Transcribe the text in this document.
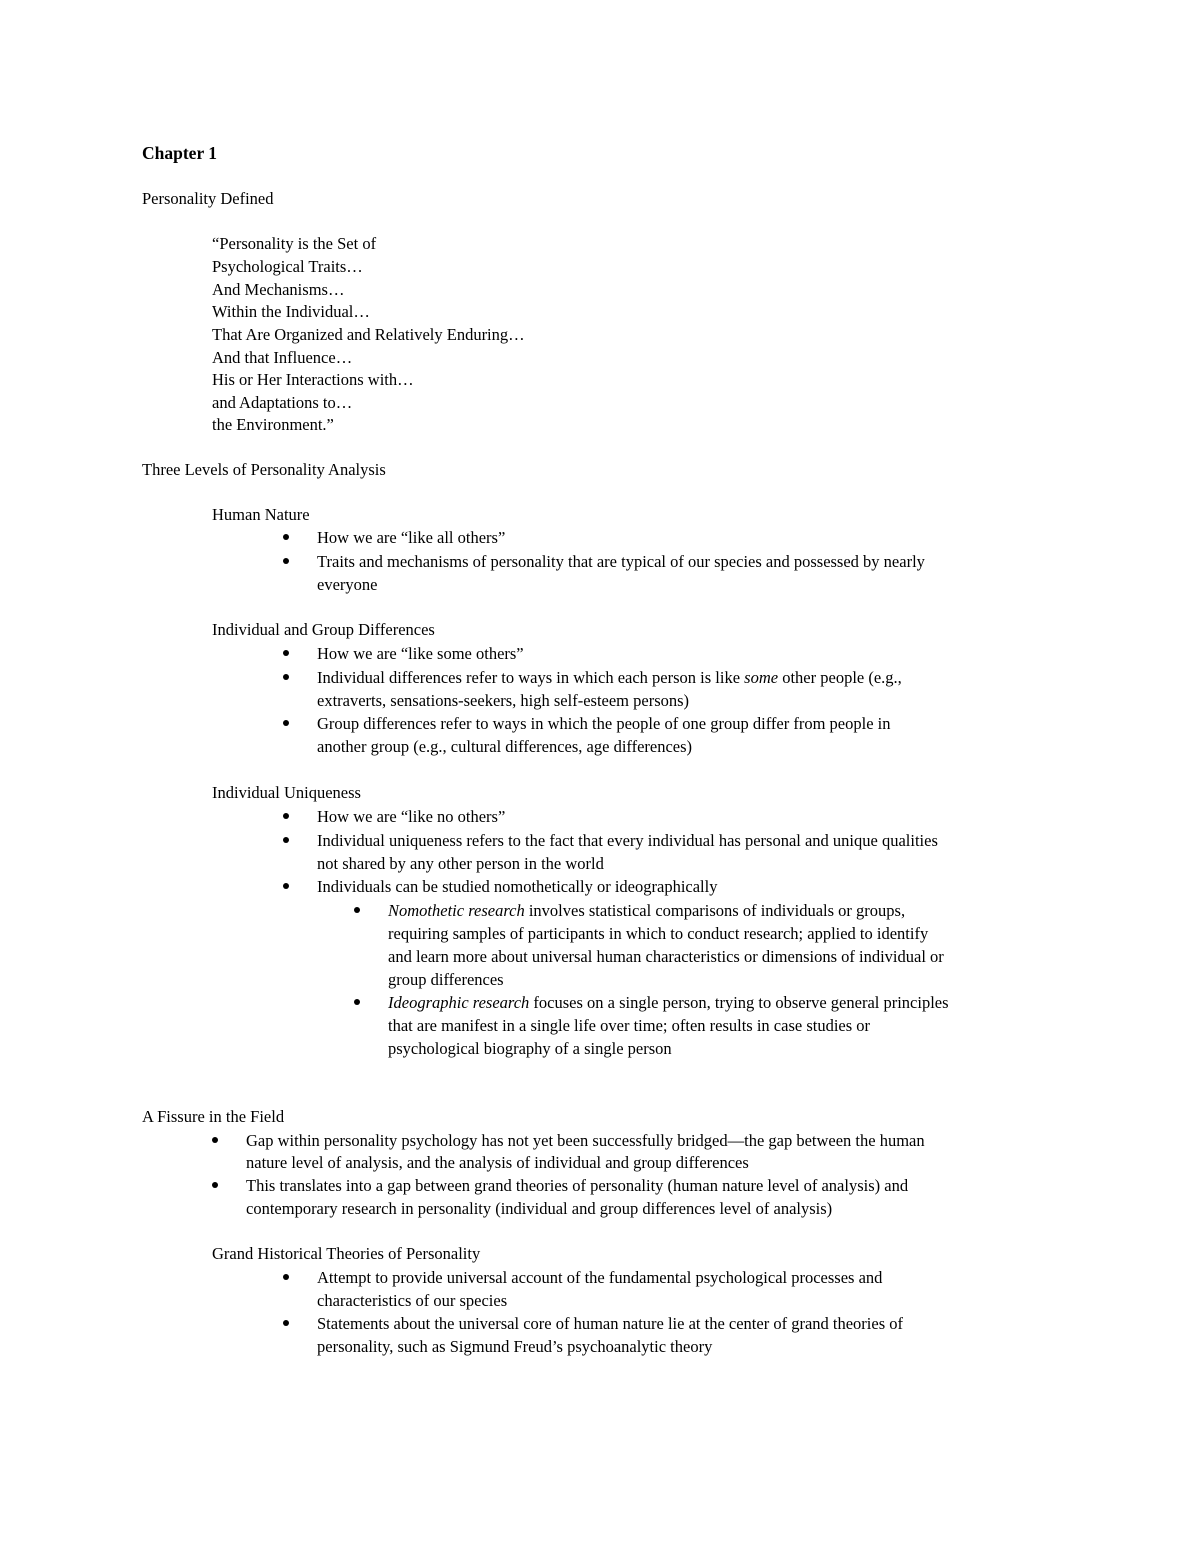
Chapter 1
Personality Defined
“Personality is the Set of
Psychological Traits…
And Mechanisms…
Within the Individual…
That Are Organized and Relatively Enduring…
And that Influence…
His or Her Interactions with…
and Adaptations to…
the Environment.”
Three Levels of Personality Analysis
Human Nature
How we are “like all others”
Traits and mechanisms of personality that are typical of our species and possessed by nearly
everyone
Individual and Group Differences
How we are “like some others”
Individual differences refer to ways in which each person is like some other people (e.g.,
extraverts, sensations-seekers, high self-esteem persons)
Group differences refer to ways in which the people of one group differ from people in
another group (e.g., cultural differences, age differences)
Individual Uniqueness
How we are “like no others”
Individual uniqueness refers to the fact that every individual has personal and unique qualities
not shared by any other person in the world
Individuals can be studied nomothetically or ideographically
Nomothetic research involves statistical comparisons of individuals or groups,
requiring samples of participants in which to conduct research; applied to identify
and learn more about universal human characteristics or dimensions of individual or
group differences
Ideographic research focuses on a single person, trying to observe general principles
that are manifest in a single life over time; often results in case studies or
psychological biography of a single person
A Fissure in the Field
Gap within personality psychology has not yet been successfully bridged—the gap between the human
nature level of analysis, and the analysis of individual and group differences
This translates into a gap between grand theories of personality (human nature level of analysis) and
contemporary research in personality (individual and group differences level of analysis)
Grand Historical Theories of Personality
Attempt to provide universal account of the fundamental psychological processes and
characteristics of our species
Statements about the universal core of human nature lie at the center of grand theories of
personality, such as Sigmund Freud’s psychoanalytic theory
